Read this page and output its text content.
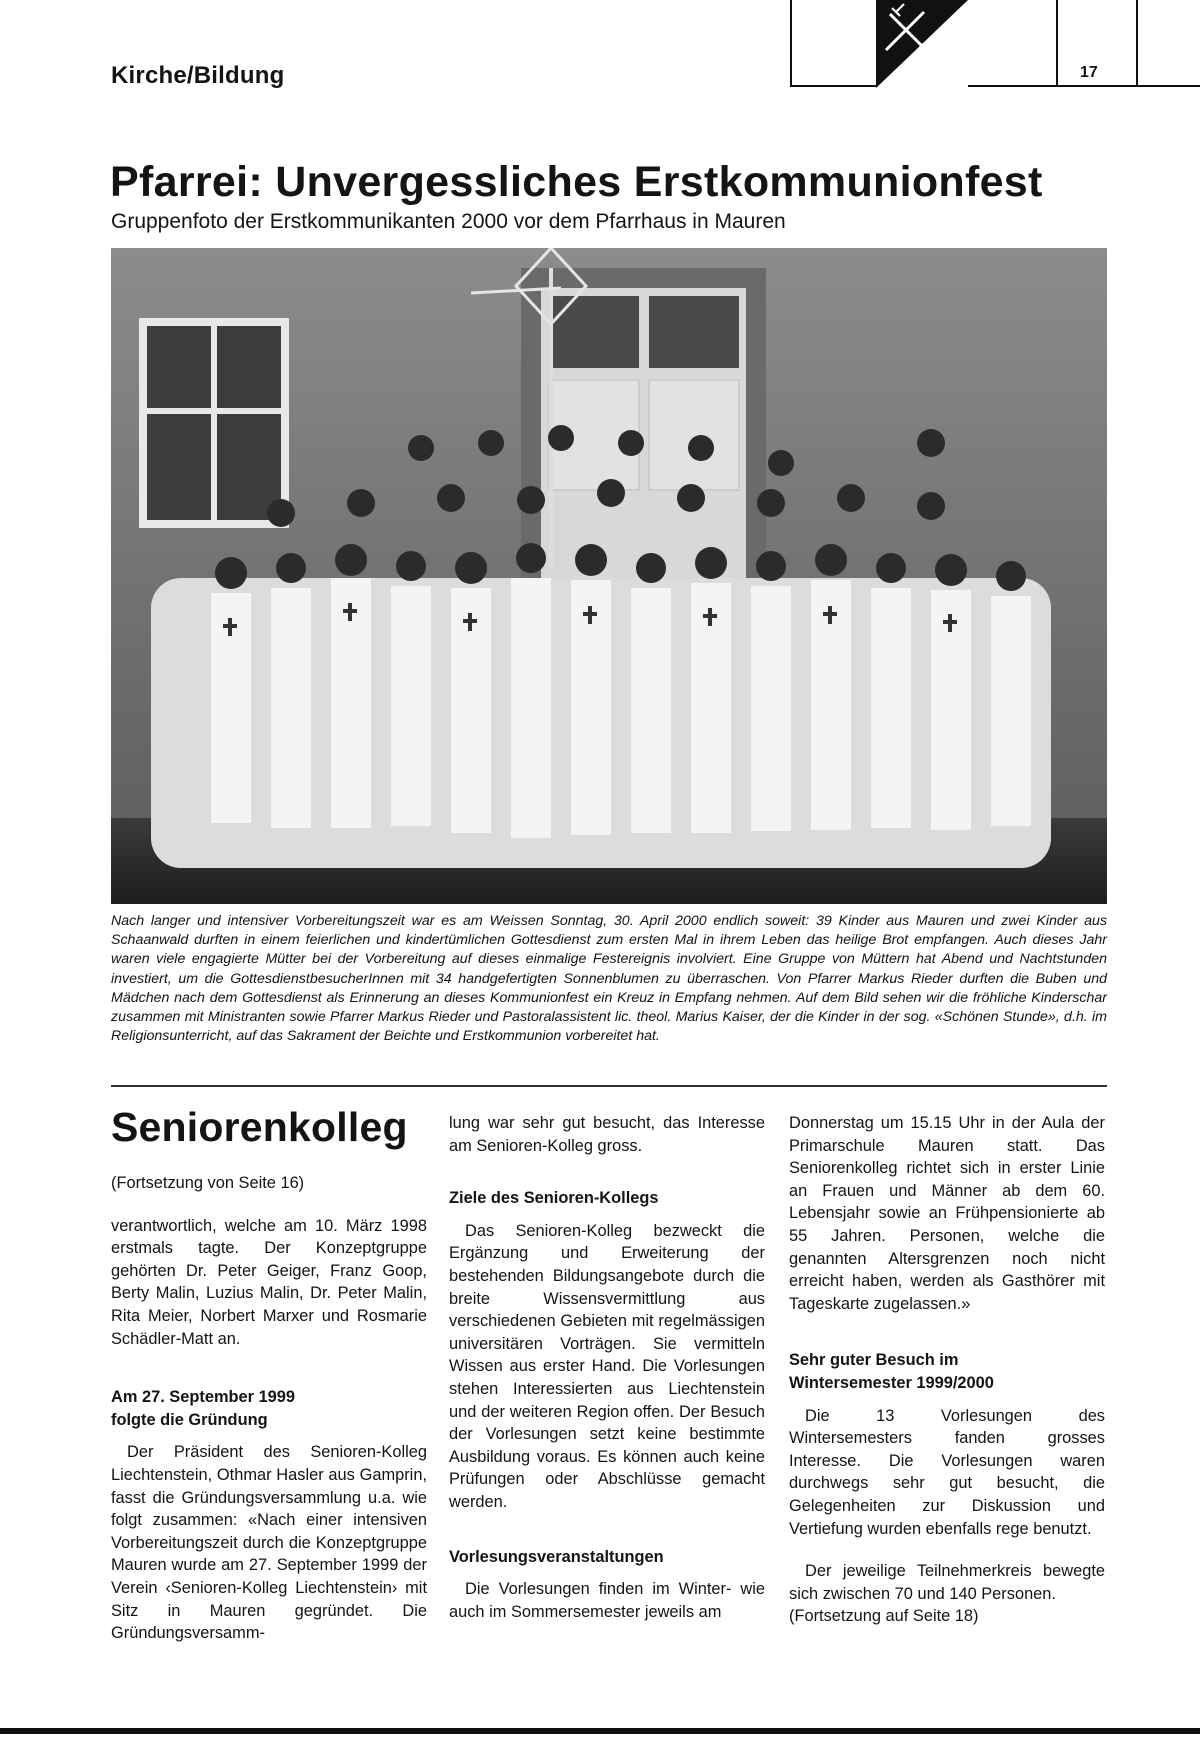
Kirche/Bildung	17
Pfarrei: Unvergessliches Erstkommunionfest
Gruppenfoto der Erstkommunikanten 2000 vor dem Pfarrhaus in Mauren

Nach langer und intensiver Vorbereitungszeit war es am Weissen Sonntag, 30. April 2000 endlich soweit: 39 Kinder aus Mauren und zwei Kinder aus Schaanwald durften in einem feierlichen und kindertümlichen Gottesdienst zum ersten Mal in ihrem Leben das heilige Brot empfangen. Auch dieses Jahr waren viele engagierte Mütter bei der Vorbereitung auf dieses einmalige Festereignis involviert. Eine Gruppe von Müttern hat Abend und Nachtstunden investiert, um die GottesdienstbesucherInnen mit 34 handgefertigten Sonnenblumen zu überraschen. Von Pfarrer Markus Rieder durften die Buben und Mädchen nach dem Gottesdienst als Erinnerung an dieses Kommunionfest ein Kreuz in Empfang nehmen. Auf dem Bild sehen wir die fröhliche Kinderschar zusammen mit Ministranten sowie Pfarrer Markus Rieder und Pastoralassistent lic. theol. Marius Kaiser, der die Kinder in der sog. «Schönen Stunde», d.h. im Religionsunterricht, auf das Sakrament der Beichte und Erstkommunion vorbereitet hat.

Seniorenkolleg

(Fortsetzung von Seite 16)

verantwortlich, welche am 10. März 1998 erstmals tagte. Der Konzeptgruppe gehörten Dr. Peter Geiger, Franz Goop, Berty Malin, Luzius Malin, Dr. Peter Malin, Rita Meier, Norbert Marxer und Rosmarie Schädler-Matt an.

Am 27. September 1999
folgte die Gründung

Der Präsident des Senioren-Kolleg Liechtenstein, Othmar Hasler aus Gamprin, fasst die Gründungsversammlung u.a. wie folgt zusammen: «Nach einer intensiven Vorbereitungszeit durch die Konzeptgruppe Mauren wurde am 27. September 1999 der Verein ‹Senioren-Kolleg Liechtenstein› mit Sitz in Mauren gegründet. Die Gründungsversamm-

lung war sehr gut besucht, das Interesse am Senioren-Kolleg gross.

Ziele des Senioren-Kollegs

Das Senioren-Kolleg bezweckt die Ergänzung und Erweiterung der bestehenden Bildungsangebote durch die breite Wissensvermittlung aus verschiedenen Gebieten mit regelmässigen universitären Vorträgen. Sie vermitteln Wissen aus erster Hand. Die Vorlesungen stehen Interessierten aus Liechtenstein und der weiteren Region offen. Der Besuch der Vorlesungen setzt keine bestimmte Ausbildung voraus. Es können auch keine Prüfungen oder Abschlüsse gemacht werden.

Vorlesungsveranstaltungen

Die Vorlesungen finden im Winter- wie auch im Sommersemester jeweils am

Donnerstag um 15.15 Uhr in der Aula der Primarschule Mauren statt. Das Seniorenkolleg richtet sich in erster Linie an Frauen und Männer ab dem 60. Lebensjahr sowie an Frühpensionierte ab 55 Jahren. Personen, welche die genannten Altersgrenzen noch nicht erreicht haben, werden als Gasthörer mit Tageskarte zugelassen.»

Sehr guter Besuch im
Wintersemester 1999/2000

Die 13 Vorlesungen des Wintersemesters fanden grosses Interesse. Die Vorlesungen waren durchwegs sehr gut besucht, die Gelegenheiten zur Diskussion und Vertiefung wurden ebenfalls rege benutzt.

Der jeweilige Teilnehmerkreis bewegte sich zwischen 70 und 140 Personen.

(Fortsetzung auf Seite 18)
